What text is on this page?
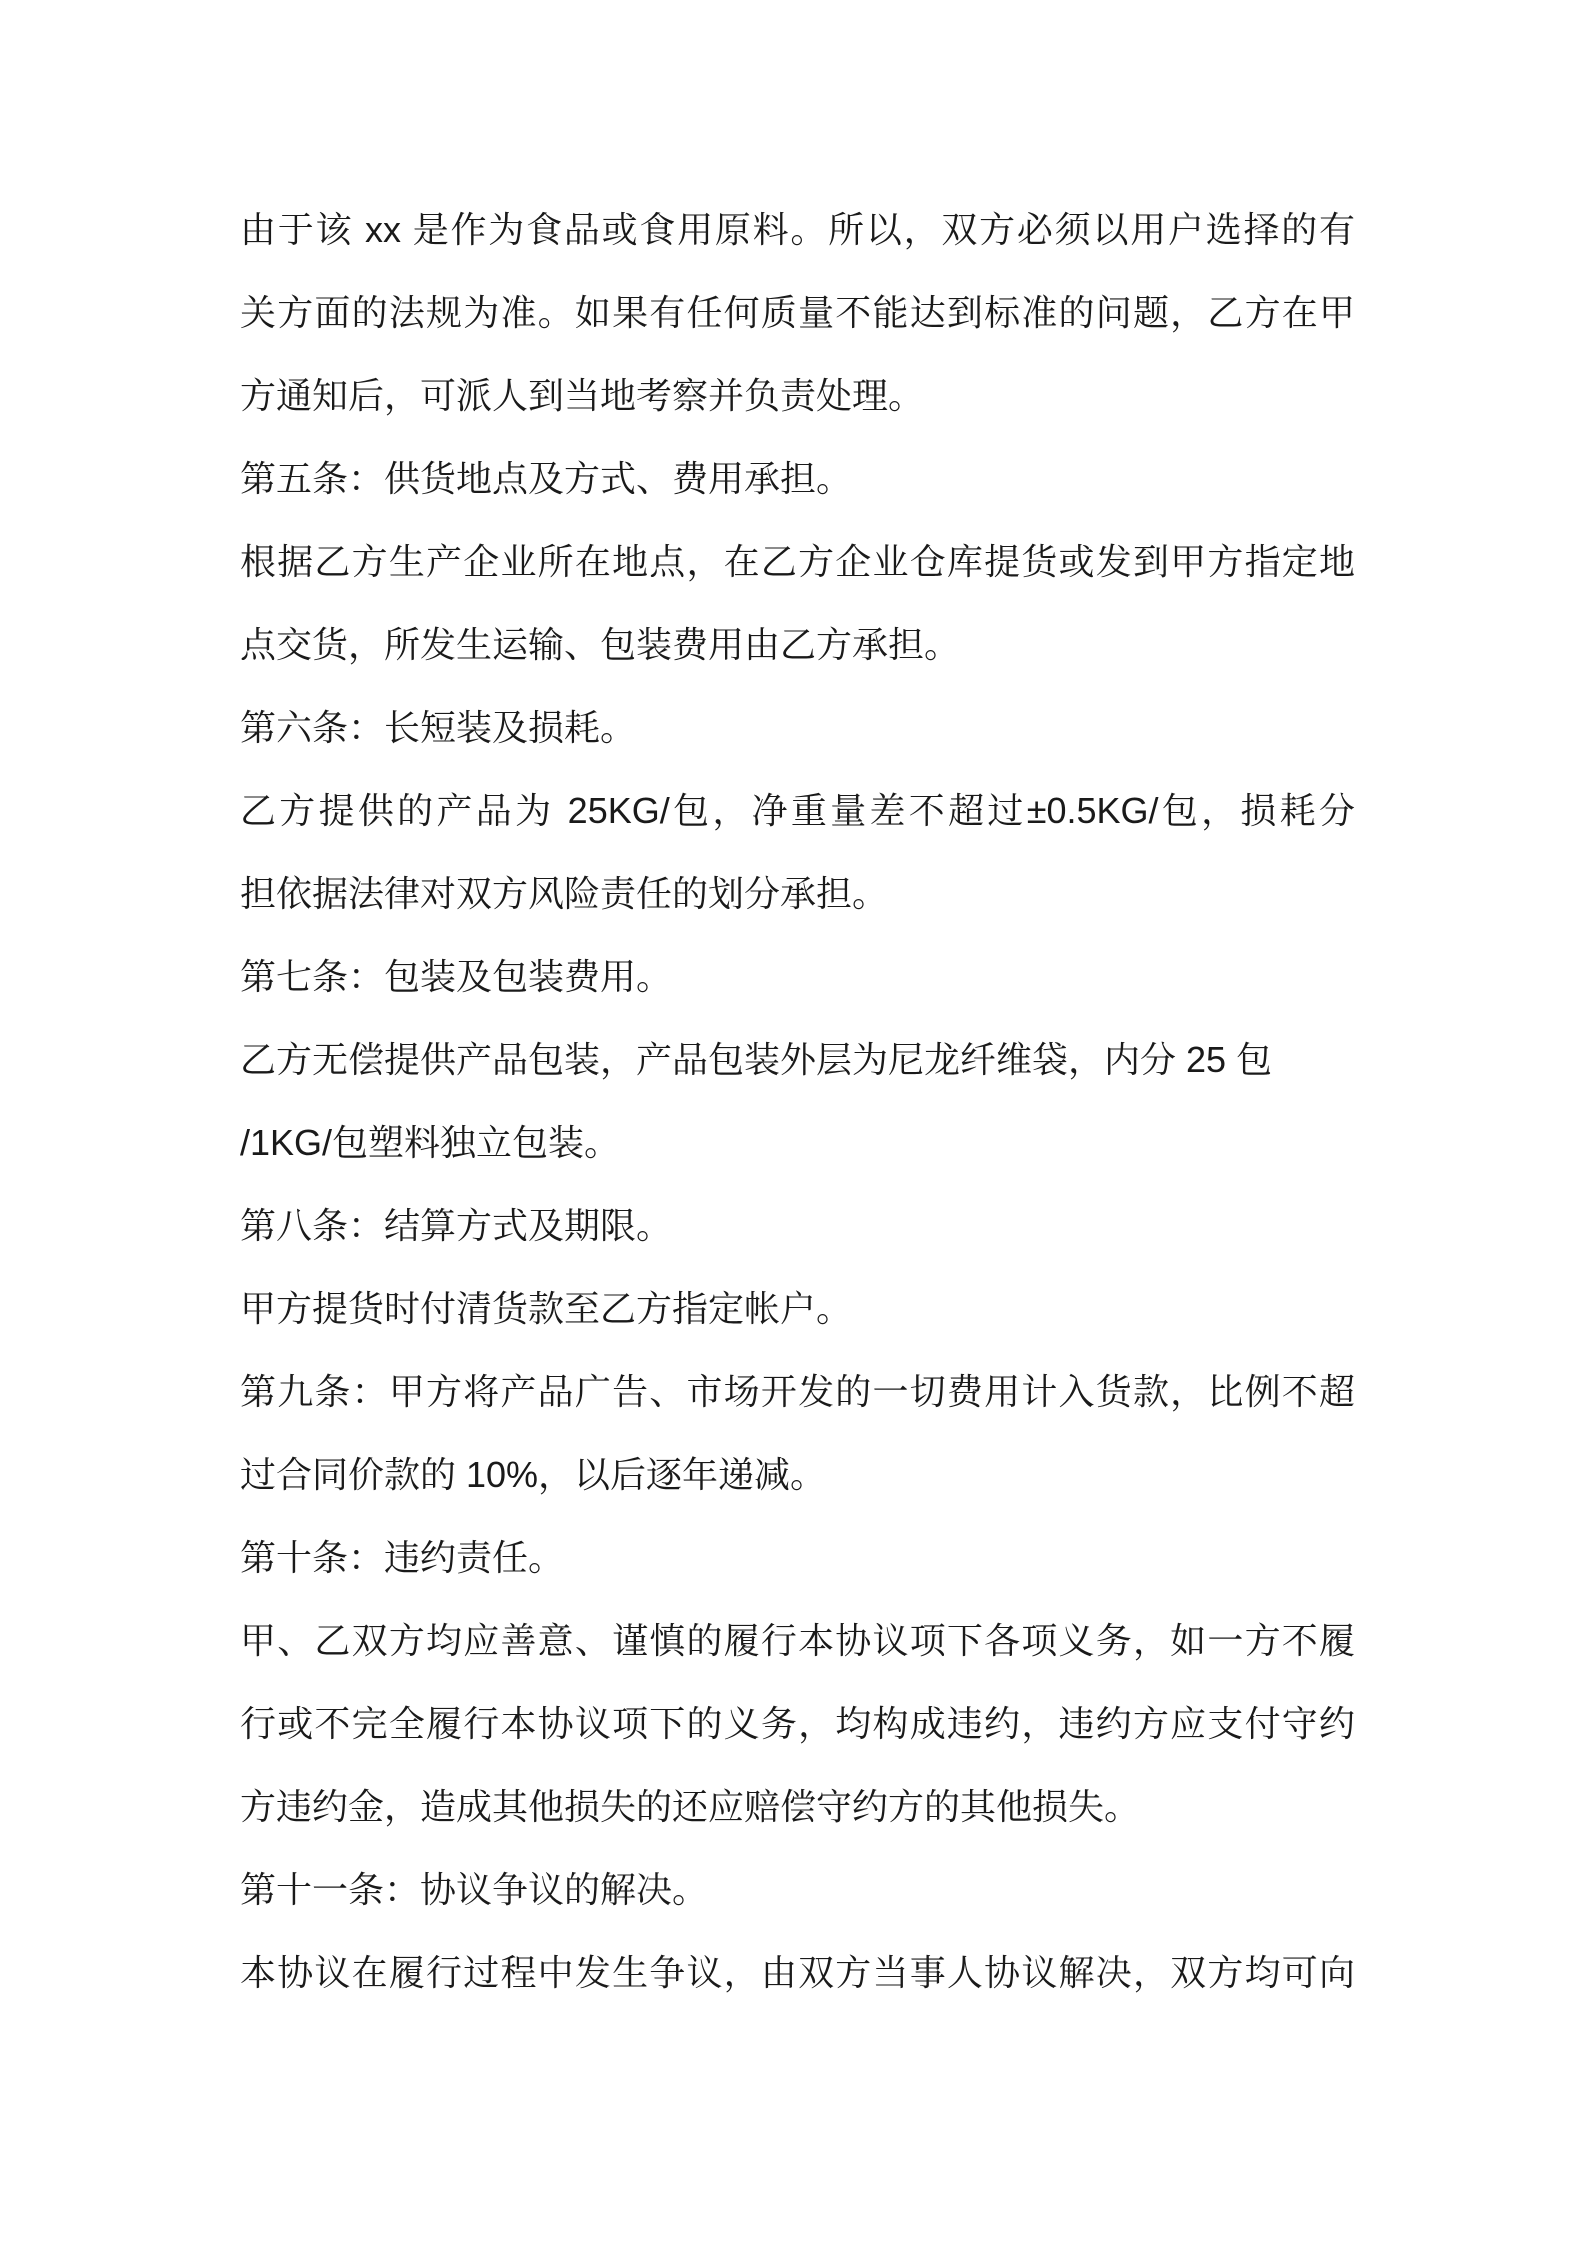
由于该 xx 是作为食品或食用原料。所以，双方必须以用户选择的有
关方面的法规为准。如果有任何质量不能达到标准的问题，乙方在甲
方通知后，可派人到当地考察并负责处理。
第五条：供货地点及方式、费用承担。
根据乙方生产企业所在地点，在乙方企业仓库提货或发到甲方指定地
点交货，所发生运输、包装费用由乙方承担。
第六条：长短装及损耗。
乙方提供的产品为 25KG/包，净重量差不超过±0.5KG/包，损耗分
担依据法律对双方风险责任的划分承担。
第七条：包装及包装费用。
乙方无偿提供产品包装，产品包装外层为尼龙纤维袋，内分 25 包
/1KG/包塑料独立包装。
第八条：结算方式及期限。
甲方提货时付清货款至乙方指定帐户。
第九条：甲方将产品广告、市场开发的一切费用计入货款，比例不超
过合同价款的 10%，以后逐年递减。
第十条：违约责任。
甲、乙双方均应善意、谨慎的履行本协议项下各项义务，如一方不履
行或不完全履行本协议项下的义务，均构成违约，违约方应支付守约
方违约金，造成其他损失的还应赔偿守约方的其他损失。
第十一条：协议争议的解决。
本协议在履行过程中发生争议，由双方当事人协议解决，双方均可向
